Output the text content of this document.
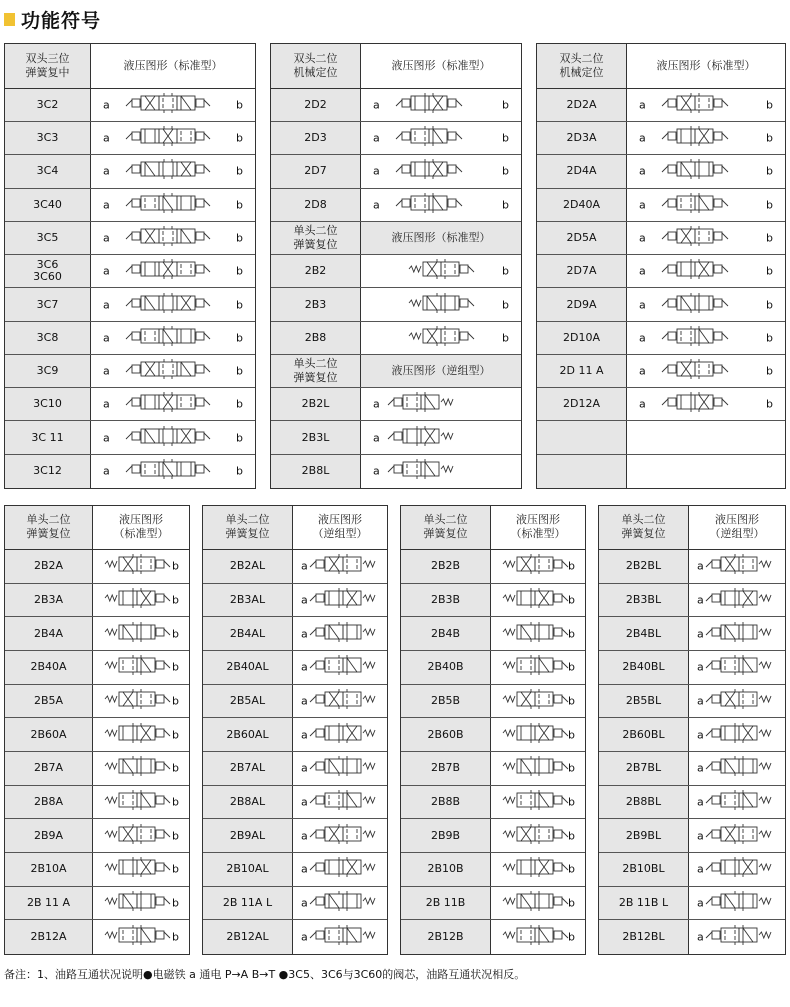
功能符号
双头三位
弹簧复中
液压图形（标准型）
3C2	a	b
3C3	a	b
3C4	a	b
3C40	a	b
3C5	a	b
3C6
3C60	a	b
3C7	a	b
3C8	a	b
3C9	a	b
3C10	a	b
3C 11	a	b
3C12	a	b
双头二位
机械定位
液压图形（标准型）
2D2	a	b
2D3	a	b
2D7	a	b
2D8	a	b
单头二位
弹簧复位
液压图形（标准型）
2B2	b
2B3	b
2B8	b
单头二位
弹簧复位
液压图形（逆组型）
2B2L	a
2B3L	a
2B8L	a
双头二位
机械定位
液压图形（标准型）
2D2A	a	b
2D3A	a	b
2D4A	a	b
2D40A	a	b
2D5A	a	b
2D7A	a	b
2D9A	a	b
2D10A	a	b
2D 11 A	a	b
2D12A	a	b
单头二位
弹簧复位
液压图形
（标准型）
2B2A	b
2B3A	b
2B4A	b
2B40A	b
2B5A	b
2B60A	b
2B7A	b
2B8A	b
2B9A	b
2B10A	b
2B 11 A	b
2B12A	b
单头二位
弹簧复位
液压图形
（逆组型）
2B2AL	a
2B3AL	a
2B4AL	a
2B40AL	a
2B5AL	a
2B60AL	a
2B7AL	a
2B8AL	a
2B9AL	a
2B10AL	a
2B 11A L	a
2B12AL	a
单头二位
弹簧复位
液压图形
（标准型）
2B2B	b
2B3B	b
2B4B	b
2B40B	b
2B5B	b
2B60B	b
2B7B	b
2B8B	b
2B9B	b
2B10B	b
2B 11B	b
2B12B	b
单头二位
弹簧复位
液压图形
（逆组型）
2B2BL	a
2B3BL	a
2B4BL	a
2B40BL	a
2B5BL	a
2B60BL	a
2B7BL	a
2B8BL	a
2B9BL	a
2B10BL	a
2B 11B L	a
2B12BL	a
备注：1、油路互通状况说明●电磁铁 a 通电 P→A B→T ●3C5、3C6与3C60的阀芯，油路互通状况相反。
